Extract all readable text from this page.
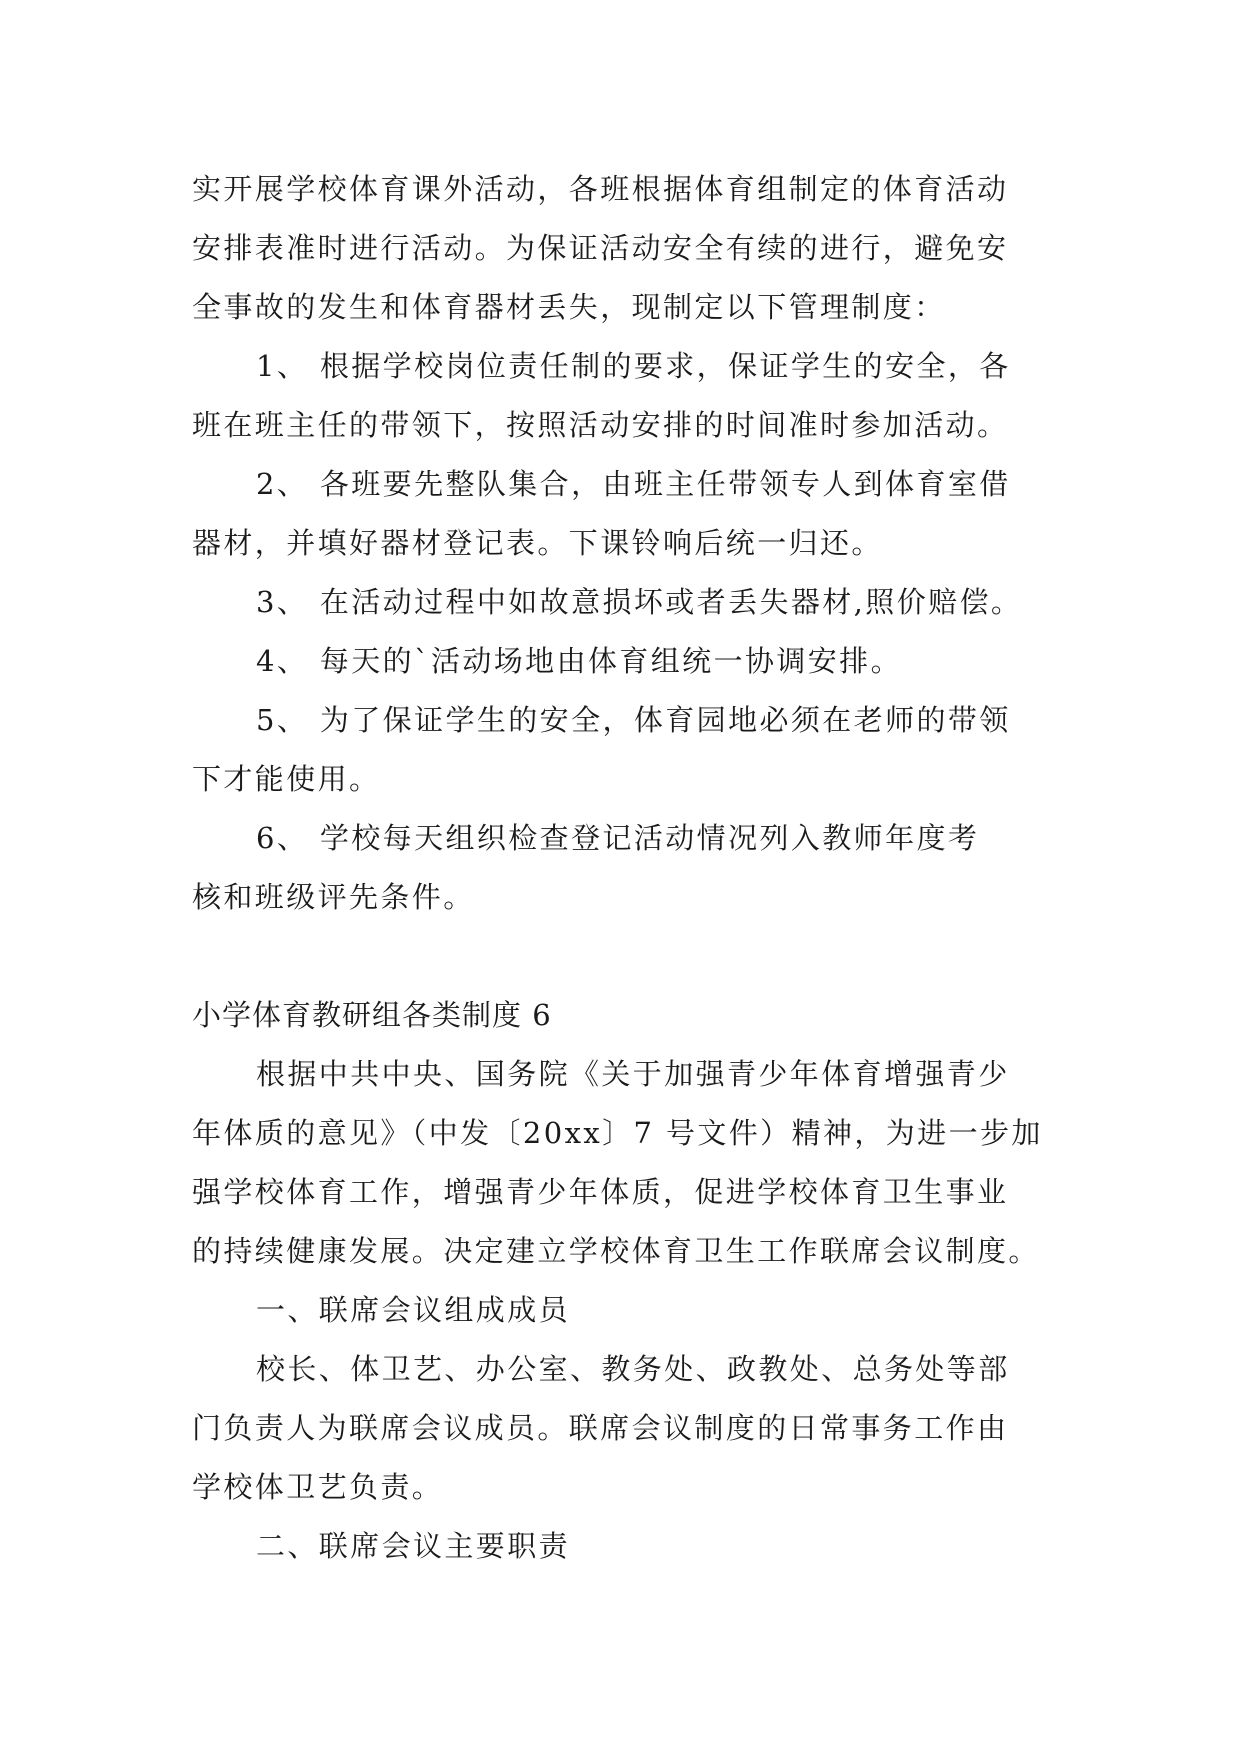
实开展学校体育课外活动，各班根据体育组制定的体育活动
安排表准时进行活动。为保证活动安全有续的进行，避免安
全事故的发生和体育器材丢失，现制定以下管理制度：
1、 根据学校岗位责任制的要求，保证学生的安全，各
班在班主任的带领下，按照活动安排的时间准时参加活动。
2、 各班要先整队集合，由班主任带领专人到体育室借
器材，并填好器材登记表。下课铃响后统一归还。
3、 在活动过程中如故意损坏或者丢失器材,照价赔偿。
4、 每天的`活动场地由体育组统一协调安排。
5、 为了保证学生的安全，体育园地必须在老师的带领
下才能使用。
6、 学校每天组织检查登记活动情况列入教师年度考
核和班级评先条件。
小学体育教研组各类制度 6
根据中共中央、国务院《关于加强青少年体育增强青少
年体质的意见》（中发〔20xx〕7 号文件）精神，为进一步加
强学校体育工作，增强青少年体质，促进学校体育卫生事业
的持续健康发展。决定建立学校体育卫生工作联席会议制度。
一、联席会议组成成员
校长、体卫艺、办公室、教务处、政教处、总务处等部
门负责人为联席会议成员。联席会议制度的日常事务工作由
学校体卫艺负责。
二、联席会议主要职责
